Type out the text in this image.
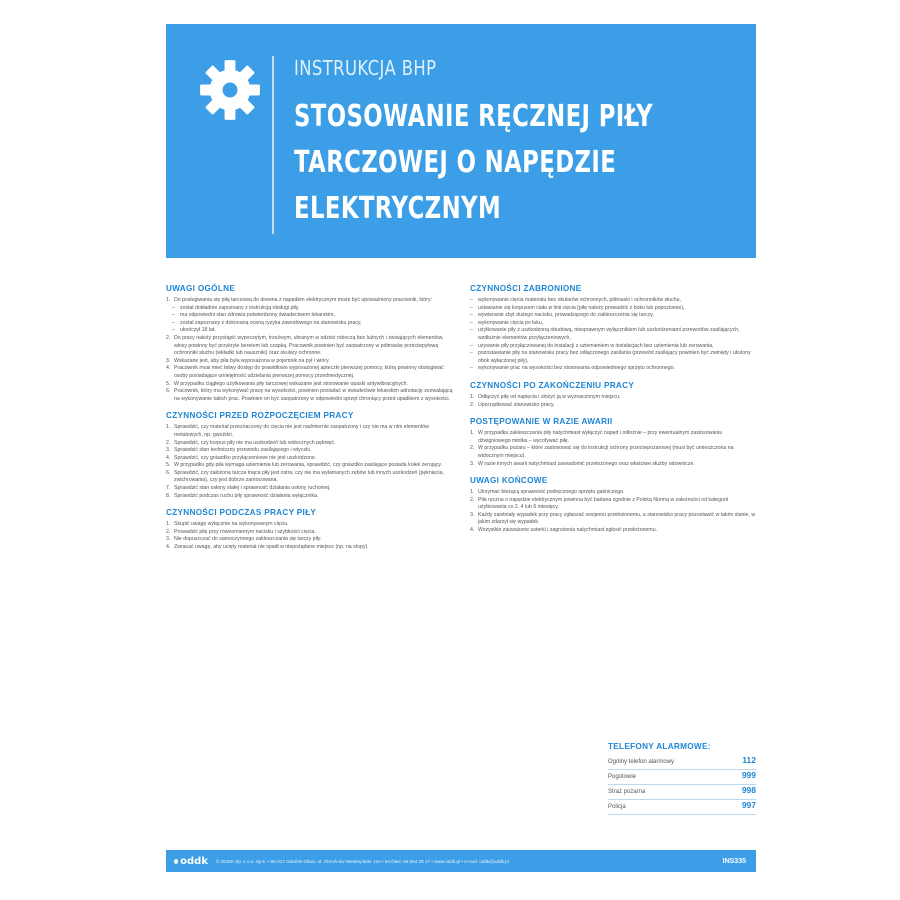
INSTRUKCJA BHP
STOSOWANIE RĘCZNEJ PIŁY
TARCZOWEJ O NAPĘDZIE
ELEKTRYCZNYM
UWAGI OGÓLNE
1. Do posługiwania się piłą tarczową do drewna z napędem elektrycznym może być upoważniony pracownik, który:
– został dokładnie zapoznany z instrukcją obsługi piły,
– ma odpowiedni stan zdrowia potwierdzony świadectwem lekarskim,
– został zapoznany z dokonaną oceną ryzyka zawodowego na stanowisku pracy,
– ukończył 18 lat.
2. Do pracy należy przystąpić wypoczętym, trzeźwym, ubranym w odzież roboczą bez luźnych i zwisających elementów, włosy powinny być przykryte beretem lub czapką. Pracownik powinien być zaopatrzony w półmaskę przeciwpyłową ochronniki słuchu (wkładki lub nauszniki) oraz okulary ochronne.
3. Wskazane jest, aby piła była wyposażona w pojemnik na pył i wióry.
4. Pracownik musi mieć łatwy dostęp do prawidłowo wyposażonej apteczki pierwszej pomocy, którą powinny obsługiwać osoby posiadające umiejętność udzielania pierwszej pomocy przedmedycznej.
5. W przypadku ciągłego użytkowania piły tarczowej wskazane jest stosowanie opaski antywibracyjnych.
6. Pracownik, który ma wykonywać pracę na wysokości, powinien posiadać w świadectwie lekarskim adnotację zezwalającą na wykonywanie takich prac. Powinien on być zaopatrzony w odpowiedni sprzęt chroniący przed upadkiem z wysokości.
CZYNNOŚCI PRZED ROZPOCZĘCIEM PRACY
1. Sprawdzić, czy materiał przeznaczony do cięcia nie jest nadmiernie zaopatrzony i czy nie ma w nim elementów metalowych, np. gwoździ.
2. Sprawdzić, czy korpus piły nie ma uszkodzeń lub widocznych pęknięć.
3. Sprawdzić stan techniczny przewodu zasilającego i wtyczki.
4. Sprawdzić, czy gniazdko przyłączeniowe nie jest uszkodzone.
5. W przypadku gdy piła wymaga uziemienia lub zerowania, sprawdzić, czy gniazdko zasilające posiada kołek zerujący.
6. Sprawdzić, czy założona tarcza tnąca piły jest ostra, czy nie ma wyłamanych zębów lub innych uszkodzeń (pęknięcia, zwichrowania), czy jest dobrze zamocowana.
7. Sprawdzić stan osłony stałej i sprawność działania osłony ruchomej.
8. Sprawdzić podczas ruchu piły sprawność działania wyłącznika.
CZYNNOŚCI PODCZAS PRACY PIŁY
1. Skupić uwagę wyłącznie na wykonywanym cięciu.
2. Prowadzić piłę przy równomiernym nacisku i szybkości cięcia.
3. Nie dopuszczać do samoczynnego zakleszczania się tarczy piły.
4. Zwracać uwagę, aby ucięty materiał nie spadł w niepożądane miejsce (np. na stopy).
CZYNNOŚCI ZABRONIONE
– wykonywanie cięcia materiału bez okularów ochronnych, półmaski i ochronników słuchu,
– ustawianie się korpusem ciała w linii cięcia (piłę należy prowadzić z boku lub popoziomie),
– wywieranie zbyt dużego nacisku, prowadzącego do zakleszczenia się tarczy,
– wykonywanie cięcia po łuku,
– użytkowanie piły z uszkodzoną obudową, niesprawnym wyłącznikiem lub uszkodzeniami przewodów zasilających, wzdłużnie elementów przyłączeniowych,
– używanie piły przyłączowanej do instalacji z uziemieniem w instalacjach bez uziemienia lub zerowania,
– pozostawianie piły na stanowisku pracy bez odłączonego zasilania (przewód zasilający powinien być zwinięty i ułożony obok wyłączonej piły),
– wykonywanie prac na wysokości bez stosowania odpowiedniego sprzętu ochronnego.
CZYNNOŚCI PO ZAKOŃCZENIU PRACY
1. Odłączyć piłę od napięcia i złożyć ją w wyznaczonym miejscu.
2. Uporządkować stanowisko pracy.
POSTĘPOWANIE W RAZIE AWARII
1. W przypadku zakleszczenia piły natychmiast wyłączyć napęd i odłożnie – przy ewentualnym zastosowaniu dźwigniowego młotka – wycofywać piłę.
2. W przypadku pożaru – które zastosować się do instrukcji ochrony przeciwpożarowej (musi być umieszczona na widocznym miejscu).
3. W razie innych awarii natychmiast zawiadomić przełożonego oraz właściwe służby ratownicze.
UWAGI KOŃCOWE
1. Utrzymać bieżącą sprawność podręcznego sprzętu gaśniczego.
2. Piła ręczna o napędzie elektrycznym powinna być badana zgodnie z Polską Normą w zależności od kategorii użytkowania co 2, 4 lub 6 miesięcy.
3. Każdy zaistniały wypadek przy pracy zgłaszać swojemu przełożonemu, a stanowisko pracy pozostawić w takim stanie, w jakim zdarzył się wypadek.
4. Wszystkie zauważone usterki i zagrożenia natychmiast zgłosić przełożonemu.
TELEFONY ALARMOWE:
Ogólny telefon alarmowy	112
Pogotowie	999
Straż pożarna	998
Policja	997
oddk © ODDK Sp. z o.o. Sp.k. • 80-317 Gdańsk-Oliwa, ul. Obrońców Westerplatte 12A • tel./faks: 58 554 29 17 • www.oddk.pl • e-mail: oddk@oddk.pl	INS335
